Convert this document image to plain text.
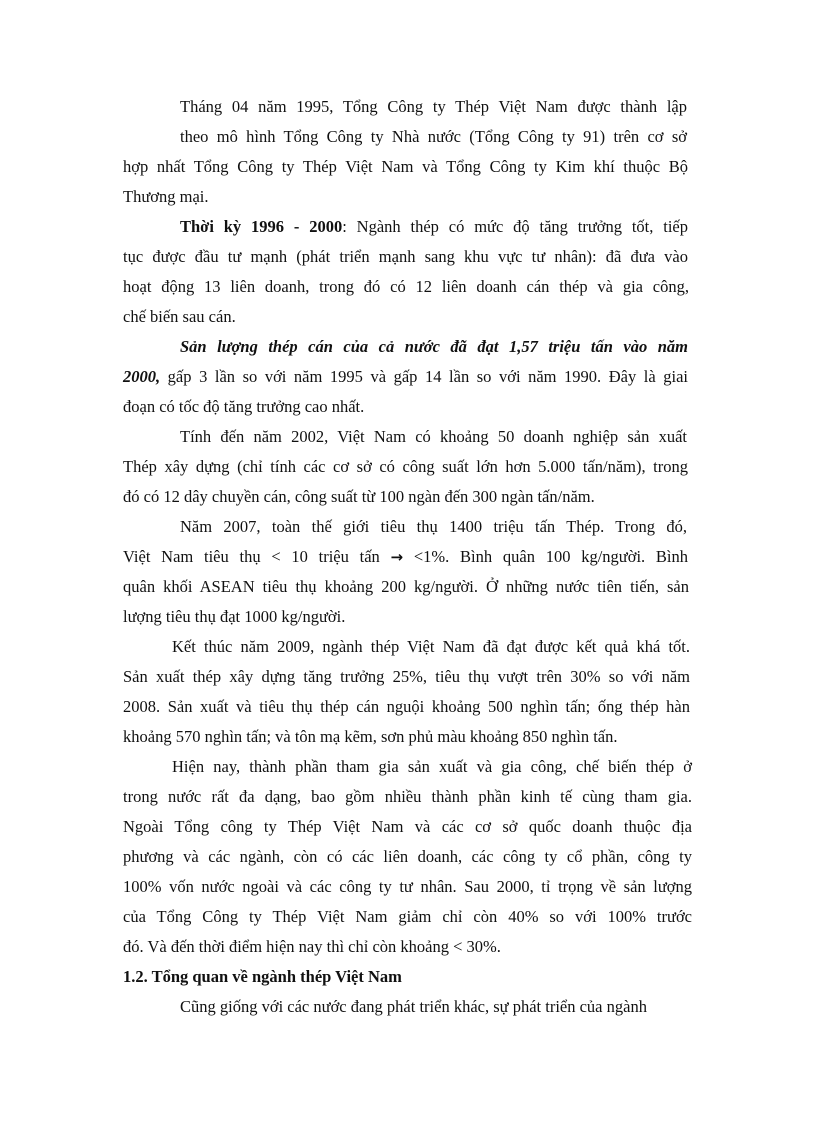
Tháng 04 năm 1995, Tổng Công ty Thép Việt Nam được thành lập
theo mô hình Tổng Công ty Nhà nước (Tổng Công ty 91) trên cơ sở
hợp nhất Tổng Công ty Thép Việt Nam và Tổng Công ty Kim khí thuộc Bộ
Thương mại.
Thời kỳ 1996 - 2000: Ngành thép có mức độ tăng trưởng tốt, tiếp
tục được đầu tư mạnh (phát triển mạnh sang khu vực tư nhân): đã đưa vào
hoạt động 13 liên doanh, trong đó có 12 liên doanh cán thép và gia công,
chế biến sau cán.
Sản lượng thép cán của cả nước đã đạt 1,57 triệu tấn vào năm
2000, gấp 3 lần so với năm 1995 và gấp 14 lần so với năm 1990. Đây là giai
đoạn có tốc độ tăng trưởng cao nhất.
Tính đến năm 2002, Việt Nam có khoảng 50 doanh nghiệp sản xuất
Thép xây dựng (chỉ tính các cơ sở có công suất lớn hơn 5.000 tấn/năm), trong
đó có 12 dây chuyền cán, công suất từ 100 ngàn đến 300 ngàn tấn/năm.
Năm 2007, toàn thế giới tiêu thụ 1400 triệu tấn Thép. Trong đó,
Việt Nam tiêu thụ < 10 triệu tấn → <1%. Bình quân 100 kg/người. Bình
quân khối ASEAN tiêu thụ khoảng 200 kg/người. Ở những nước tiên tiến, sản
lượng tiêu thụ đạt 1000 kg/người.
Kết thúc năm 2009, ngành thép Việt Nam đã đạt được kết quả khá tốt.
Sản xuất thép xây dựng tăng trưởng 25%, tiêu thụ vượt trên 30% so với năm
2008. Sản xuất và tiêu thụ thép cán nguội khoảng 500 nghìn tấn; ống thép hàn
khoảng 570 nghìn tấn; và tôn mạ kẽm, sơn phủ màu khoảng 850 nghìn tấn.
Hiện nay, thành phần tham gia sản xuất và gia công, chế biến thép ở
trong nước rất đa dạng, bao gồm nhiều thành phần kinh tế cùng tham gia.
Ngoài Tổng công ty Thép Việt Nam và các cơ sở quốc doanh thuộc địa
phương và các ngành, còn có các liên doanh, các công ty cổ phần, công ty
100% vốn nước ngoài và các công ty tư nhân. Sau 2000, tỉ trọng về sản lượng
của Tổng Công ty Thép Việt Nam giảm chỉ còn 40% so với 100% trước
đó. Và đến thời điểm hiện nay thì chỉ còn khoảng < 30%.
1.2. Tổng quan về ngành thép Việt Nam
Cũng giống với các nước đang phát triển khác, sự phát triển của ngành
